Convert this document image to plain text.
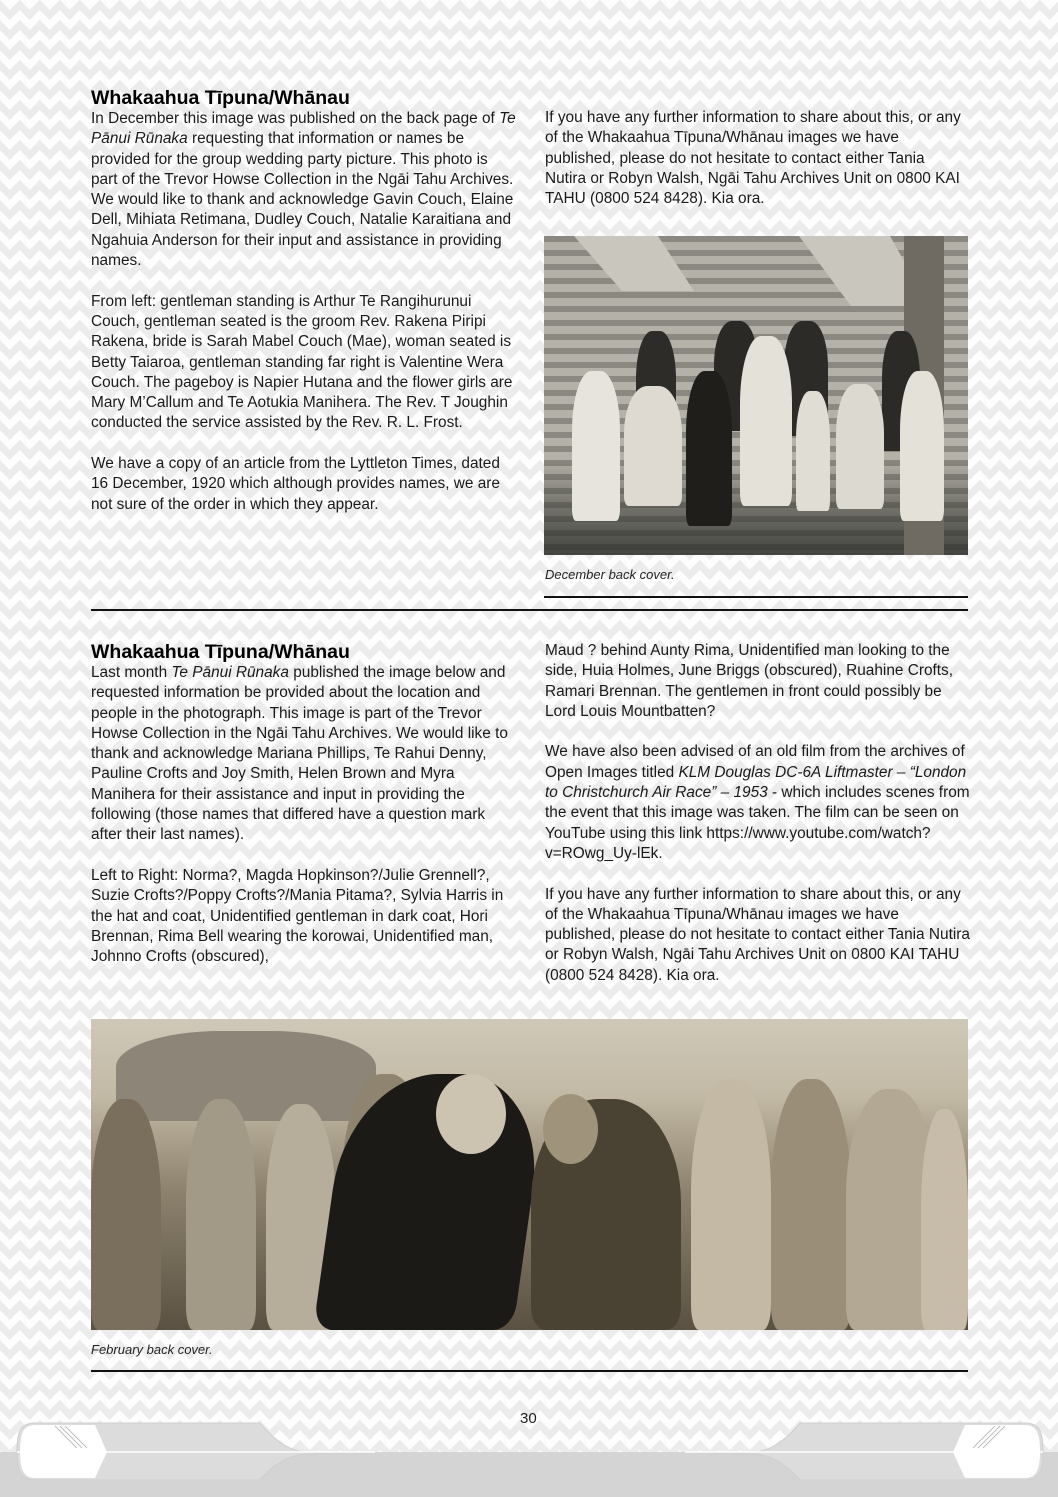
Whakaahua Tīpuna/Whānau

In December this image was published on the back page of Te Pānui Rūnaka requesting that information or names be provided for the group wedding party picture. This photo is part of the Trevor Howse Collection in the Ngāi Tahu Archives. We would like to thank and acknowledge Gavin Couch, Elaine Dell, Mihiata Retimana, Dudley Couch, Natalie Karaitiana and Ngahuia Anderson for their input and assistance in providing names.

From left: gentleman standing is Arthur Te Rangihurunui Couch, gentleman seated is the groom Rev. Rakena Piripi Rakena, bride is Sarah Mabel Couch (Mae), woman seated is Betty Taiaroa, gentleman standing far right is Valentine Wera Couch. The pageboy is Napier Hutana and the flower girls are Mary M’Callum and Te Aotukia Manihera. The Rev. T Joughin conducted the service assisted by the Rev. R. L. Frost.

We have a copy of an article from the Lyttleton Times, dated 16 December, 1920 which although provides names, we are not sure of the order in which they appear.

If you have any further information to share about this, or any of the Whakaahua Tīpuna/Whānau images we have published, please do not hesitate to contact either Tania Nutira or Robyn Walsh, Ngāi Tahu Archives Unit on 0800 KAI TAHU (0800 524 8428). Kia ora.

December back cover.
Whakaahua Tīpuna/Whānau

Last month Te Pānui Rūnaka published the image below and requested information be provided about the location and people in the photograph. This image is part of the Trevor Howse Collection in the Ngāi Tahu Archives. We would like to thank and acknowledge Mariana Phillips, Te Rahui Denny, Pauline Crofts and Joy Smith, Helen Brown and Myra Manihera for their assistance and input in providing the following (those names that differed have a question mark after their last names).

Left to Right: Norma?, Magda Hopkinson?/Julie Grennell?, Suzie Crofts?/Poppy Crofts?/Mania Pitama?, Sylvia Harris in the hat and coat, Unidentified gentleman in dark coat, Hori Brennan, Rima Bell wearing the korowai, Unidentified man, Johnno Crofts (obscured),

Maud ? behind Aunty Rima, Unidentified man looking to the side, Huia Holmes, June Briggs (obscured), Ruahine Crofts, Ramari Brennan. The gentlemen in front could possibly be Lord Louis Mountbatten?

We have also been advised of an old film from the archives of Open Images titled KLM Douglas DC-6A Liftmaster – “London to Christchurch Air Race” – 1953 - which includes scenes from the event that this image was taken. The film can be seen on YouTube using this link https://www.youtube.com/watch?v=ROwg_Uy-lEk.

If you have any further information to share about this, or any of the Whakaahua Tīpuna/Whānau images we have published, please do not hesitate to contact either Tania Nutira or Robyn Walsh, Ngāi Tahu Archives Unit on 0800 KAI TAHU (0800 524 8428). Kia ora.

February back cover.
30
